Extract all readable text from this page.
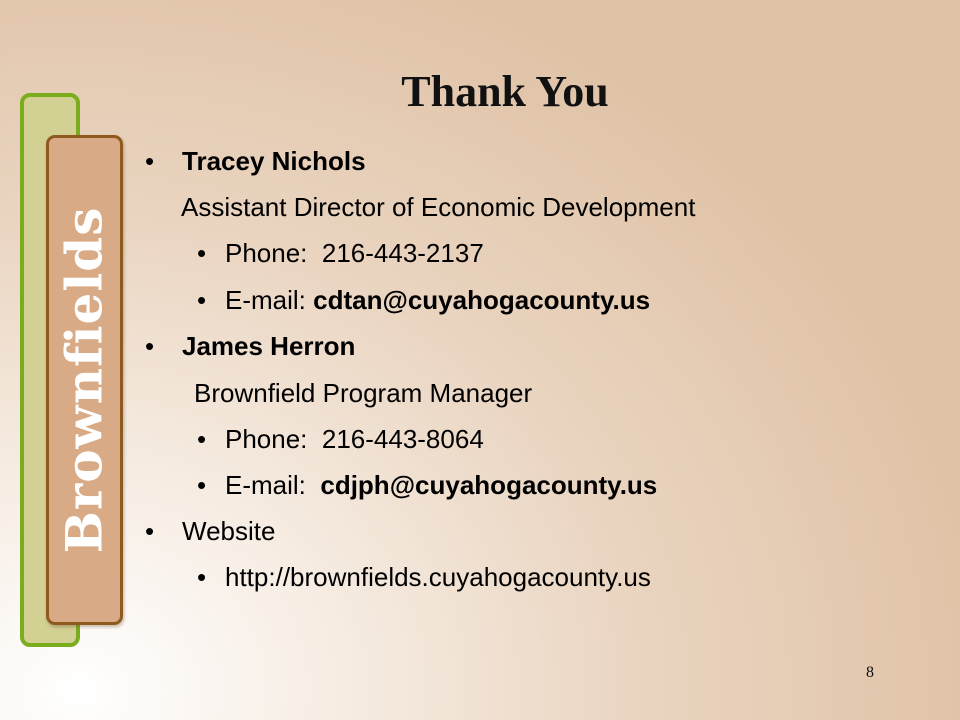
Brownfields
Thank You
• Tracey Nichols
Assistant Director of Economic Development
• Phone: 216-443-2137
• E-mail: cdtan@cuyahogacounty.us
• James Herron
Brownfield Program Manager
• Phone: 216-443-8064
• E-mail: cdjph@cuyahogacounty.us
• Website
• http://brownfields.cuyahogacounty.us
8
